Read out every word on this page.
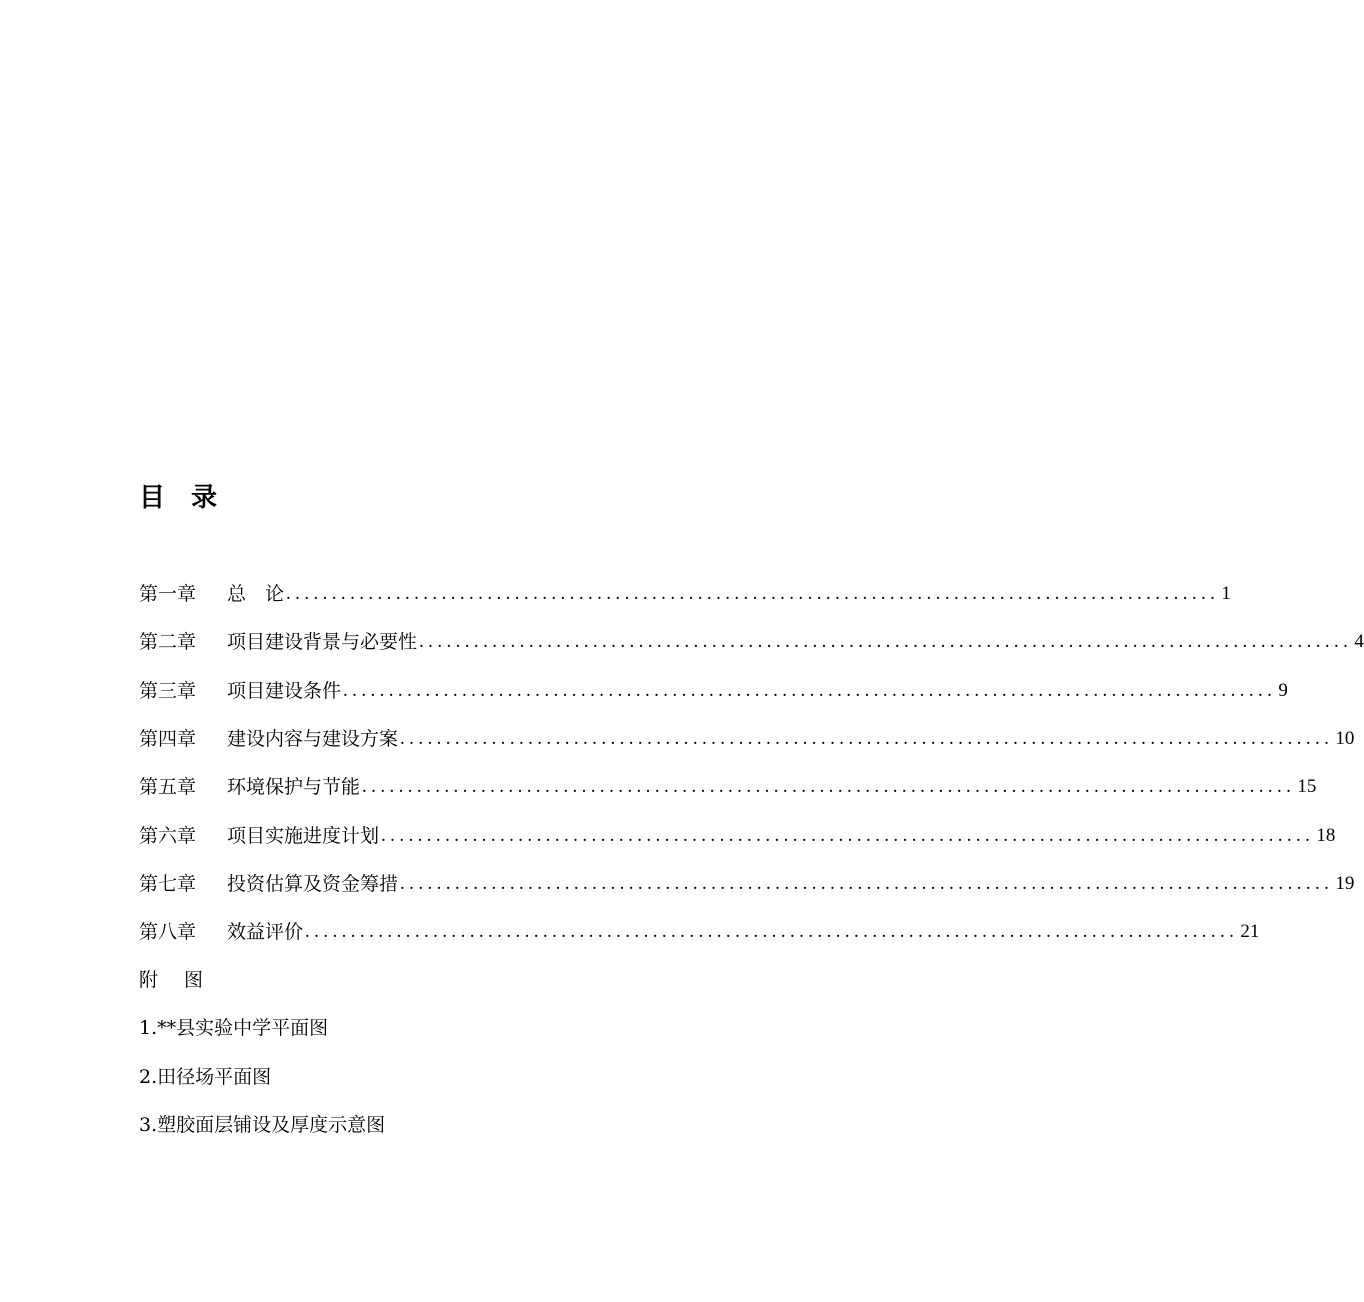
目 录
第一章	总　论 ...................................................................................................... 1
第二章	项目建设背景与必要性 ...................................................................................................... 4
第三章	项目建设条件 ...................................................................................................... 9
第四章	建设内容与建设方案 ...................................................................................................... 10
第五章	环境保护与节能 ...................................................................................................... 15
第六章	项目实施进度计划 ...................................................................................................... 18
第七章	投资估算及资金筹措 ...................................................................................................... 19
第八章	效益评价 ...................................................................................................... 21
附 图
1.**县实验中学平面图
2.田径场平面图
3.塑胶面层铺设及厚度示意图
